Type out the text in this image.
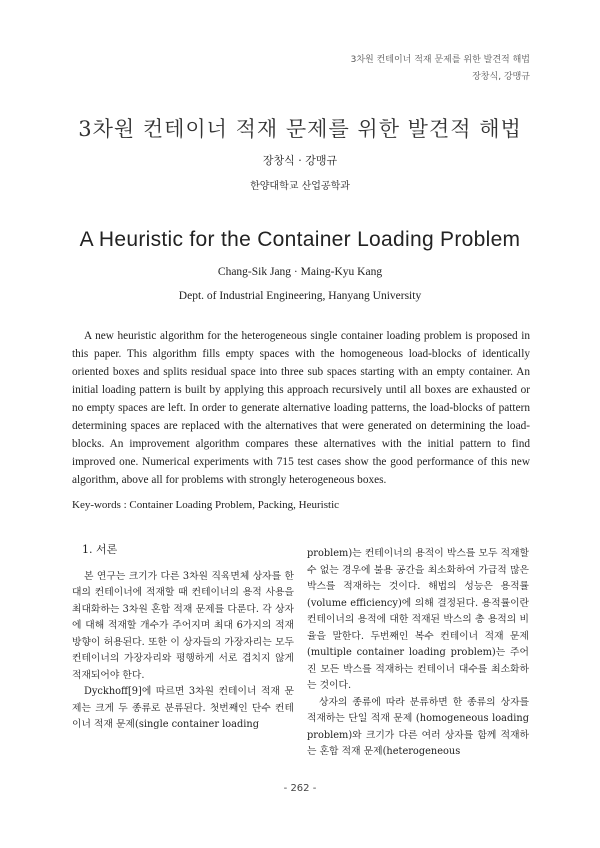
3차원 컨테이너 적재 문제를 위한 발견적 해법
장창식, 강맹규
3차원 컨테이너 적재 문제를 위한 발견적 해법
장창식 · 강맹규
한양대학교 산업공학과
A Heuristic for the Container Loading Problem
Chang-Sik Jang · Maing-Kyu Kang
Dept. of Industrial Engineering, Hanyang University

A new heuristic algorithm for the heterogeneous single container loading problem is proposed in this paper. This algorithm fills empty spaces with the homogeneous load-blocks of identically oriented boxes and splits residual space into three sub spaces starting with an empty container. An initial loading pattern is built by applying this approach recursively until all boxes are exhausted or no empty spaces are left. In order to generate alternative loading patterns, the load-blocks of pattern determining spaces are replaced with the alternatives that were generated on determining the load-blocks. An improvement algorithm compares these alternatives with the initial pattern to find improved one. Numerical experiments with 715 test cases show the good performance of this new algorithm, above all for problems with strongly heterogeneous boxes.

Key-words : Container Loading Problem, Packing, Heuristic
1. 서론

본 연구는 크기가 다른 3차원 직육면체 상자를 한 대의 컨테이너에 적재할 때 컨테이너의 용적 사용을 최대화하는 3차원 혼합 적재 문제를 다룬다. 각 상자에 대해 적재할 개수가 주어지며 최대 6가지의 적재 방향이 허용된다. 또한 이 상자들의 가장자리는 모두 컨테이너의 가장자리와 평행하게 서로 겹치지 않게 적재되어야 한다.

Dyckhoff[9]에 따르면 3차원 컨테이너 적재 문제는 크게 두 종류로 분류된다. 첫번째인 단수 컨테이너 적재 문제(single container loading

problem)는 컨테이너의 용적이 박스를 모두 적재할 수 없는 경우에 불용 공간을 최소화하여 가급적 많은 박스를 적재하는 것이다. 해법의 성능은 용적률(volume efficiency)에 의해 결정된다. 용적률이란 컨테이너의 용적에 대한 적재된 박스의 총 용적의 비율을 말한다. 두번째인 복수 컨테이너 적재 문제(multiple container loading problem)는 주어진 모든 박스를 적재하는 컨테이너 대수를 최소화하는 것이다.

상자의 종류에 따라 분류하면 한 종류의 상자를 적재하는 단일 적재 문제 (homogeneous loading problem)와 크기가 다른 여러 상자를 함께 적재하는 혼합 적재 문제(heterogeneous

- 262 -
